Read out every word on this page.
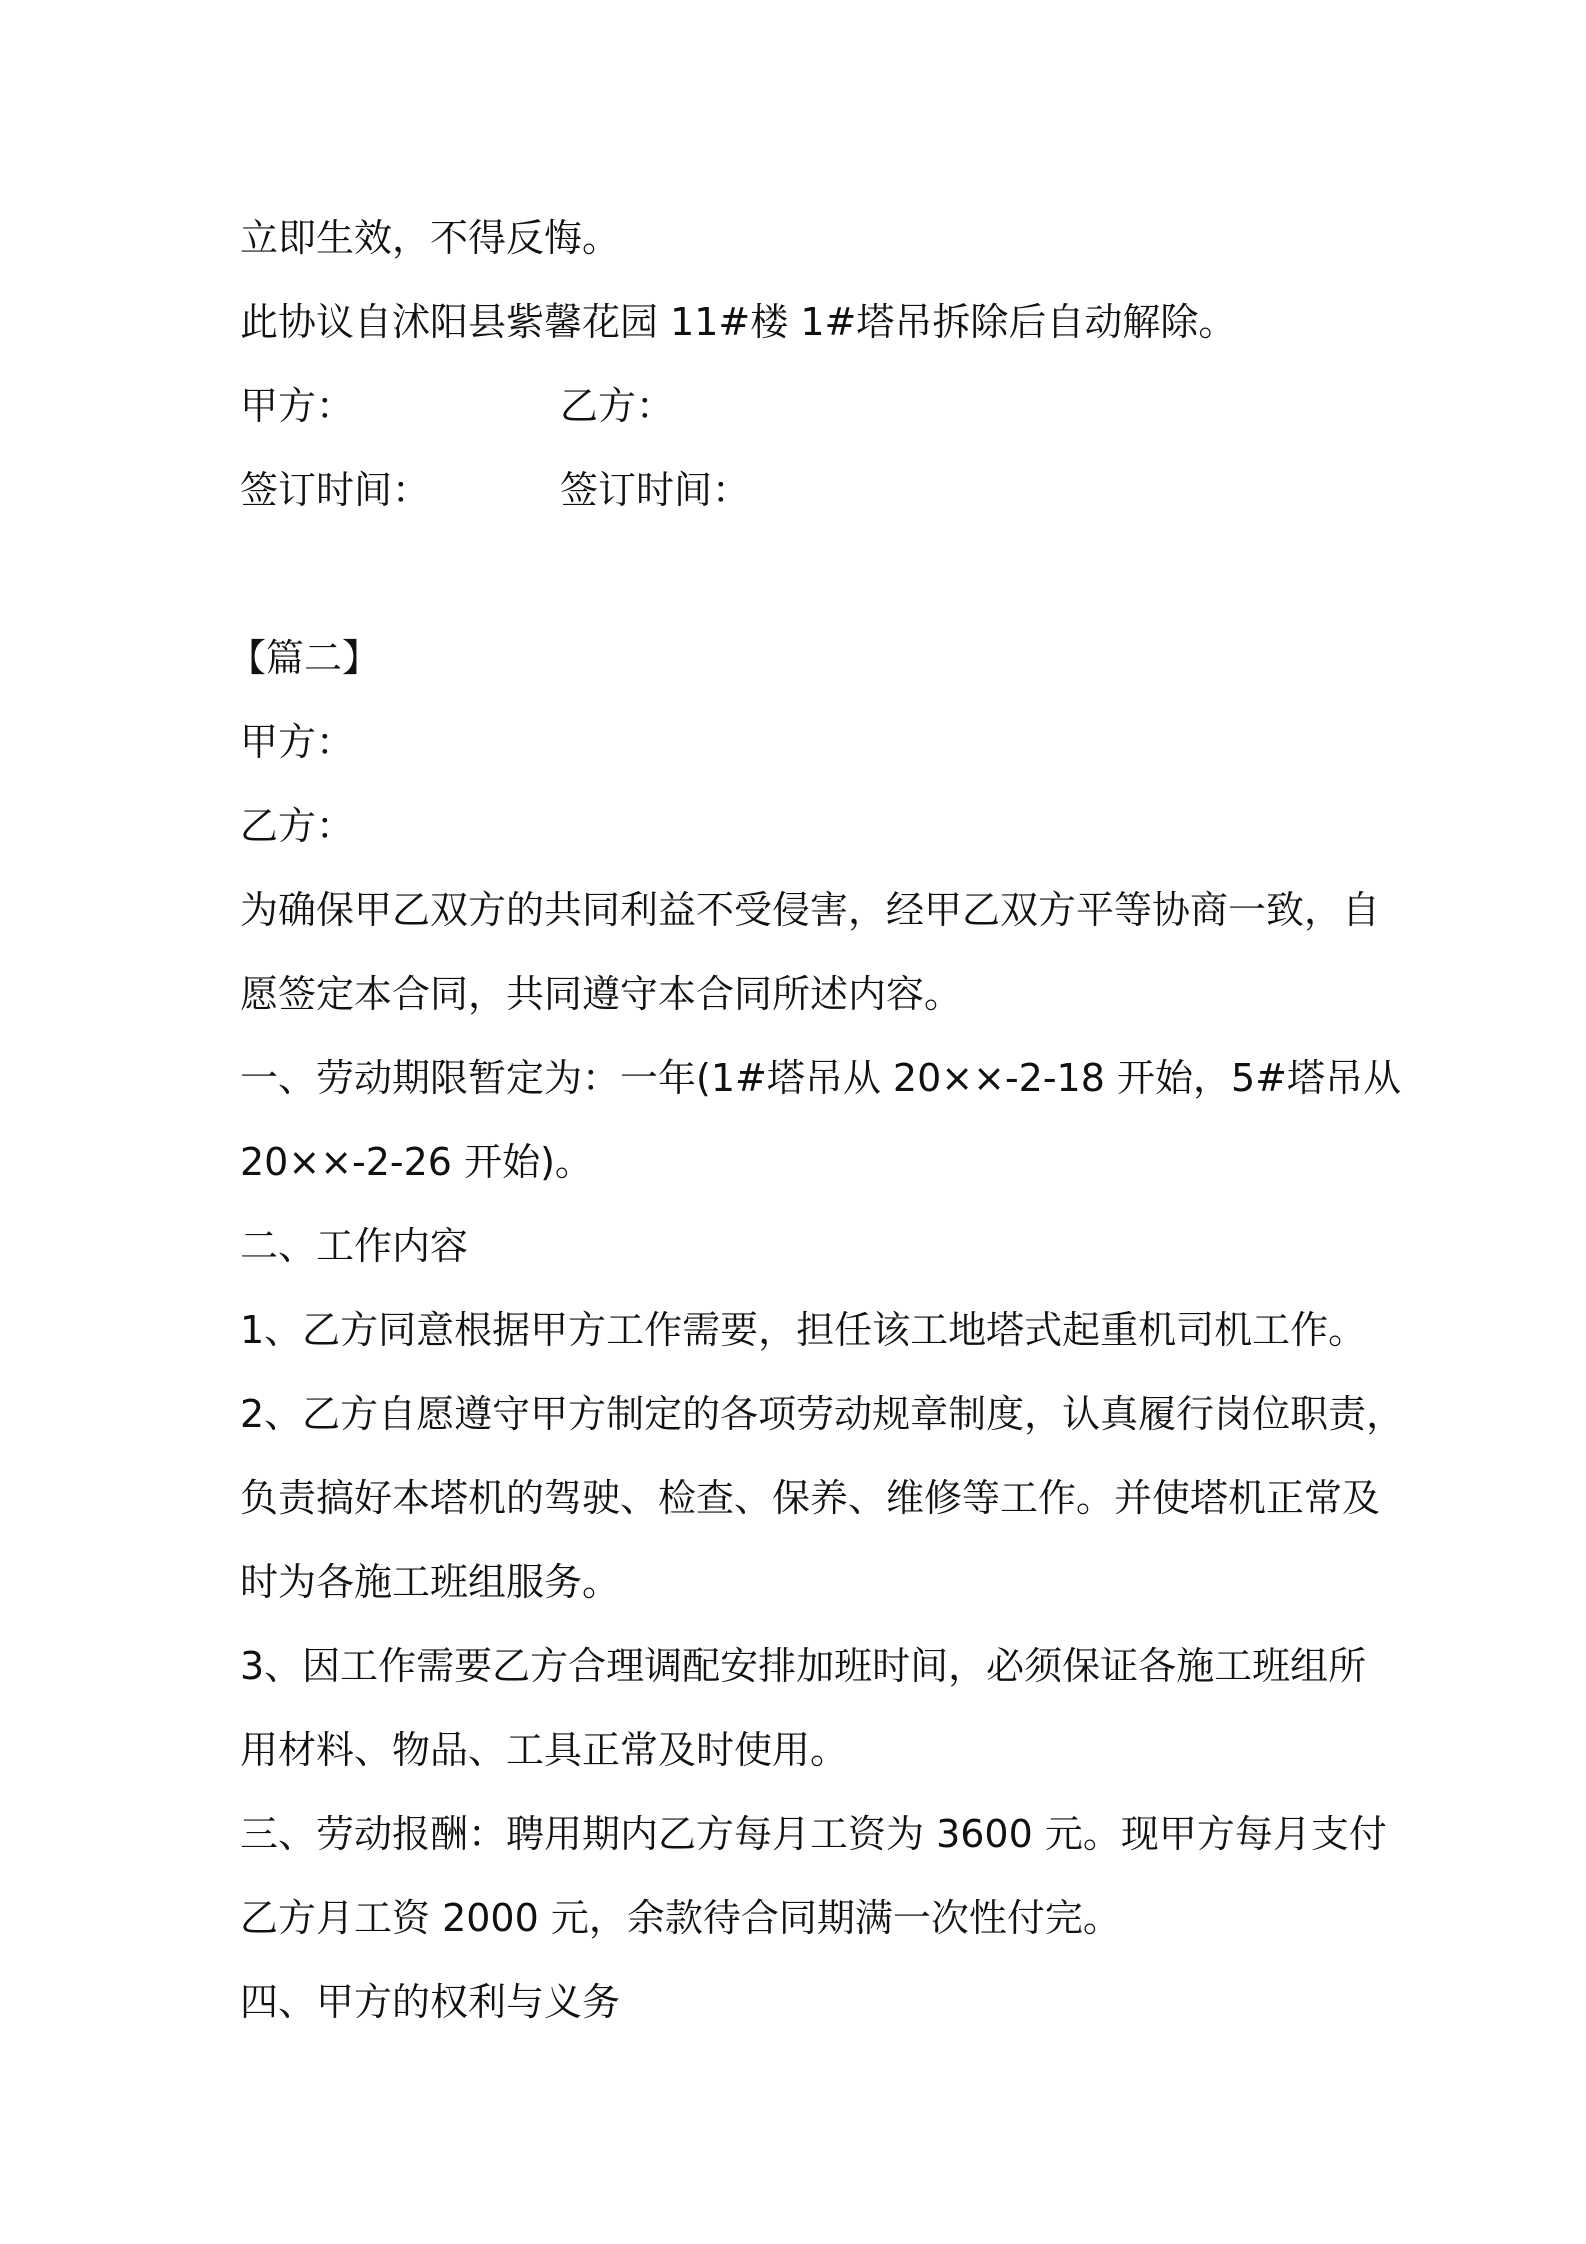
立即生效，不得反悔。

此协议自沭阳县紫馨花园 11#楼 1#塔吊拆除后自动解除。

甲方：	乙方：
签订时间：	签订时间：

【篇二】

甲方：

乙方：

为确保甲乙双方的共同利益不受侵害，经甲乙双方平等协商一致，自

愿签定本合同，共同遵守本合同所述内容。

一、劳动期限暂定为：一年(1#塔吊从 20××-2-18 开始，5#塔吊从

20××-2-26 开始)。

二、工作内容

1、乙方同意根据甲方工作需要，担任该工地塔式起重机司机工作。

2、乙方自愿遵守甲方制定的各项劳动规章制度，认真履行岗位职责，

负责搞好本塔机的驾驶、检查、保养、维修等工作。并使塔机正常及

时为各施工班组服务。

3、因工作需要乙方合理调配安排加班时间，必须保证各施工班组所

用材料、物品、工具正常及时使用。

三、劳动报酬：聘用期内乙方每月工资为 3600 元。现甲方每月支付

乙方月工资 2000 元，余款待合同期满一次性付完。

四、甲方的权利与义务
